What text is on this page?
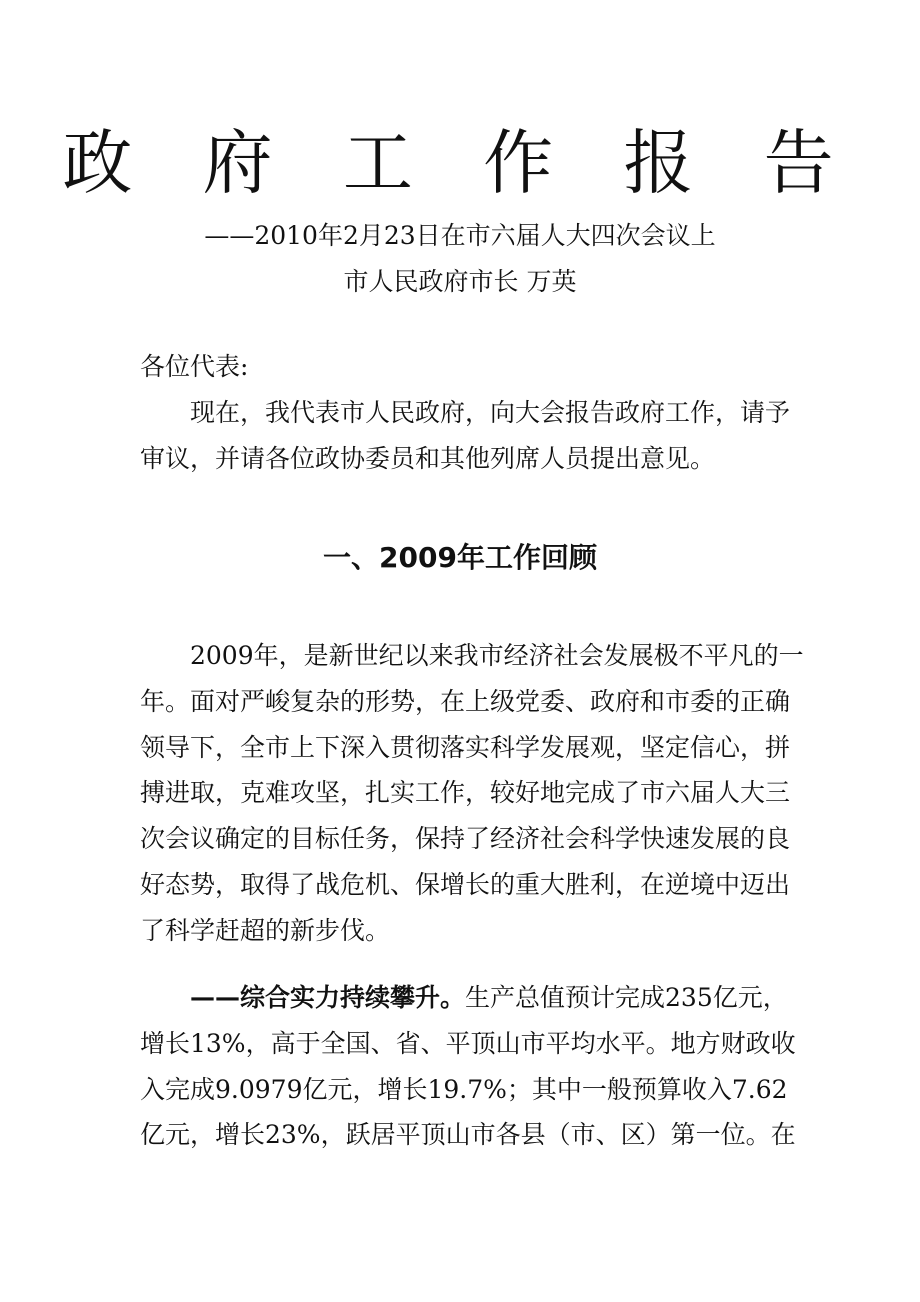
政 府 工 作 报 告
——2010年2月23日在市六届人大四次会议上
市人民政府市长 万英
各位代表:
现在，我代表市人民政府，向大会报告政府工作，请予
审议，并请各位政协委员和其他列席人员提出意见。
一、2009年工作回顾
2009年，是新世纪以来我市经济社会发展极不平凡的一
年。面对严峻复杂的形势，在上级党委、政府和市委的正确
领导下，全市上下深入贯彻落实科学发展观，坚定信心，拼
搏进取，克难攻坚，扎实工作，较好地完成了市六届人大三
次会议确定的目标任务，保持了经济社会科学快速发展的良
好态势，取得了战危机、保增长的重大胜利，在逆境中迈出
了科学赶超的新步伐。
——综合实力持续攀升。生产总值预计完成235亿元，
增长13%，高于全国、省、平顶山市平均水平。地方财政收
入完成9.0979亿元，增长19.7%；其中一般预算收入7.62
亿元，增长23%，跃居平顶山市各县（市、区）第一位。在
